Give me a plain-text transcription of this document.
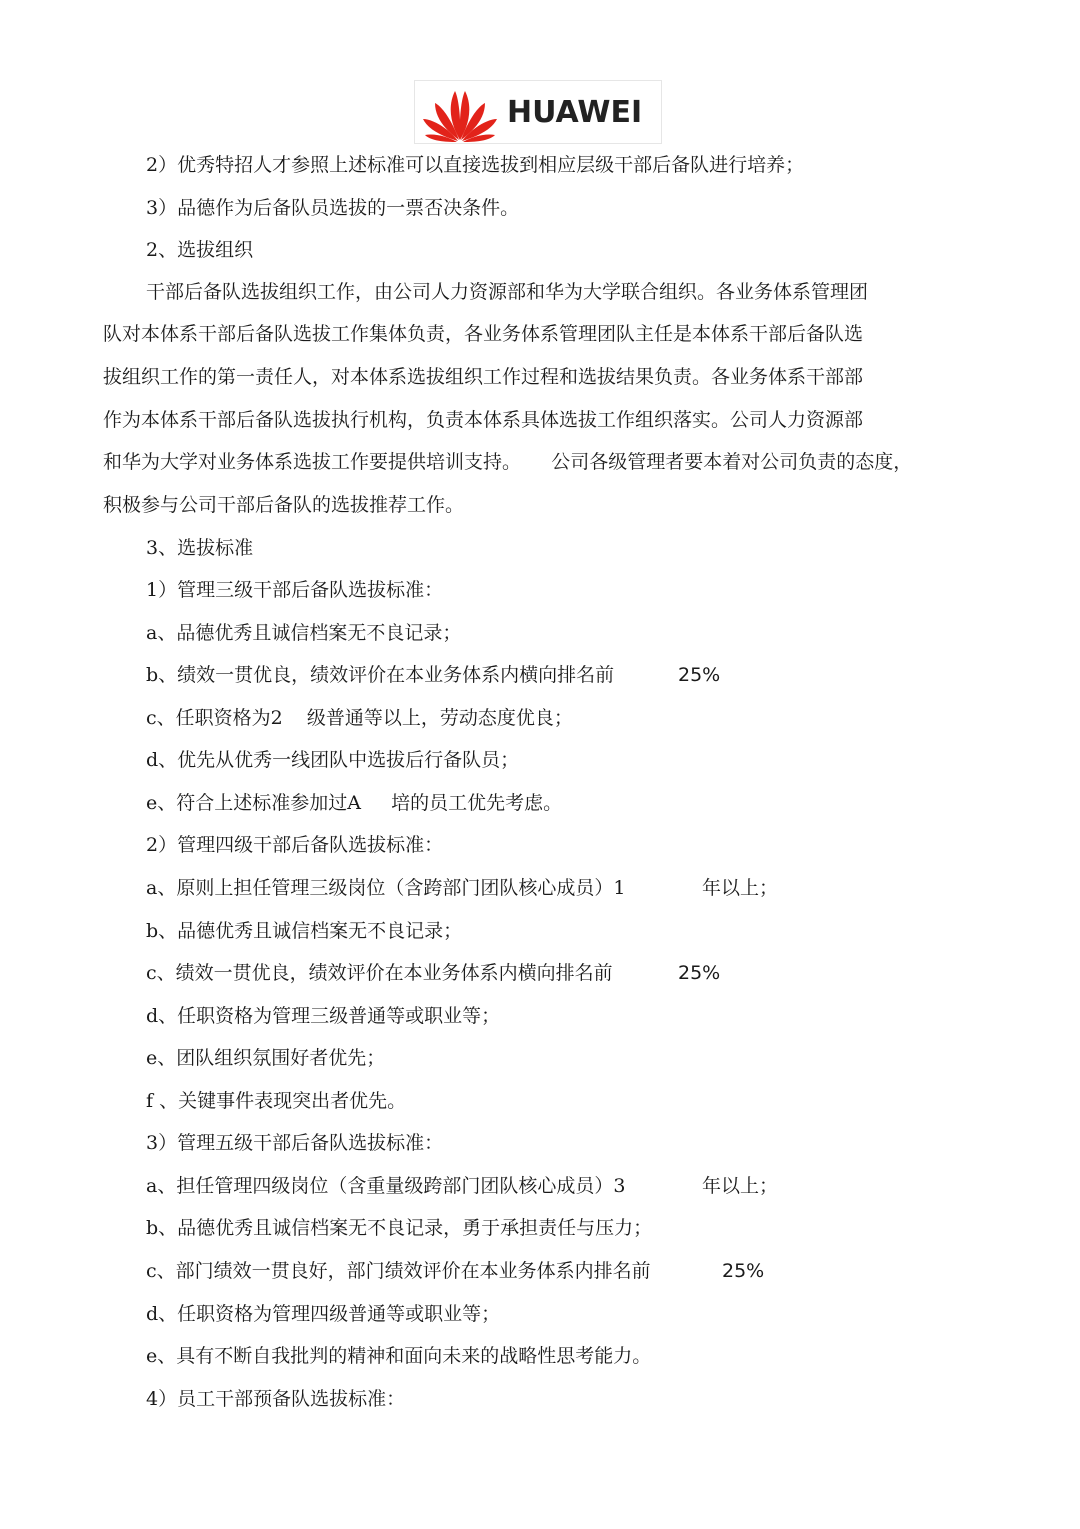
HUAWEI
2）优秀特招人才参照上述标准可以直接选拔到相应层级干部后备队进行培养；
3）品德作为后备队员选拔的一票否决条件。
2、选拔组织
干部后备队选拔组织工作，由公司人力资源部和华为大学联合组织。各业务体系管理团
队对本体系干部后备队选拔工作集体负责，各业务体系管理团队主任是本体系干部后备队选
拔组织工作的第一责任人，对本体系选拔组织工作过程和选拔结果负责。各业务体系干部部
作为本体系干部后备队选拔执行机构，负责本体系具体选拔工作组织落实。公司人力资源部
和华为大学对业务体系选拔工作要提供培训支持。     公司各级管理者要本着对公司负责的态度，
积极参与公司干部后备队的选拔推荐工作。
3、选拔标准
1）管理三级干部后备队选拔标准：
a、品德优秀且诚信档案无不良记录；
b、绩效一贯优良，绩效评价在本业务体系内横向排名前	25%
c、任职资格为2    级普通等以上，劳动态度优良；
d、优先从优秀一线团队中选拔后行备队员；
e、符合上述标准参加过A     培的员工优先考虑。
2）管理四级干部后备队选拔标准：
a、原则上担任管理三级岗位（含跨部门团队核心成员）1	年以上；
b、品德优秀且诚信档案无不良记录；
c、绩效一贯优良，绩效评价在本业务体系内横向排名前	25%
d、任职资格为管理三级普通等或职业等；
e、团队组织氛围好者优先；
f 、关键事件表现突出者优先。
3）管理五级干部后备队选拔标准：
a、担任管理四级岗位（含重量级跨部门团队核心成员）3	年以上；
b、品德优秀且诚信档案无不良记录，勇于承担责任与压力；
c、部门绩效一贯良好，部门绩效评价在本业务体系内排名前	25%
d、任职资格为管理四级普通等或职业等；
e、具有不断自我批判的精神和面向未来的战略性思考能力。
4）员工干部预备队选拔标准：
